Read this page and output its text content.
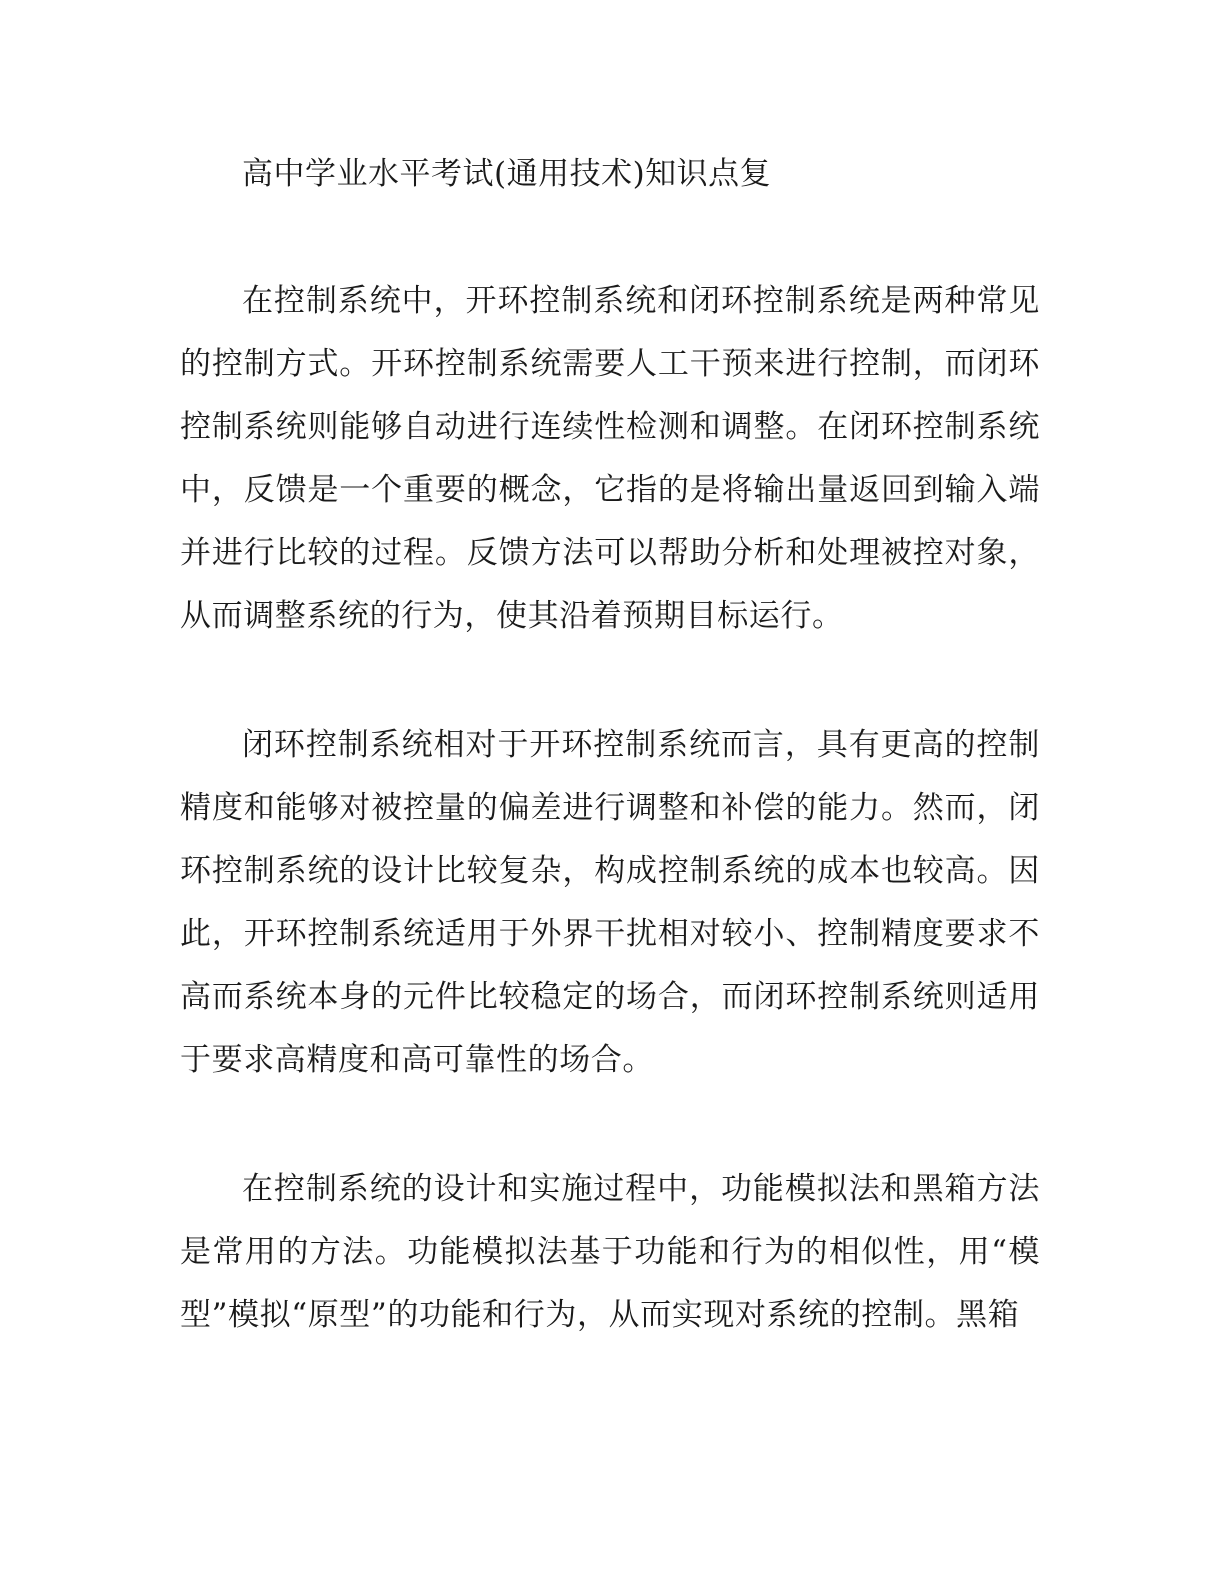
高中学业水平考试(通用技术)知识点复

在控制系统中，开环控制系统和闭环控制系统是两种常见的控制方式。开环控制系统需要人工干预来进行控制，而闭环控制系统则能够自动进行连续性检测和调整。在闭环控制系统中，反馈是一个重要的概念，它指的是将输出量返回到输入端并进行比较的过程。反馈方法可以帮助分析和处理被控对象，从而调整系统的行为，使其沿着预期目标运行。

闭环控制系统相对于开环控制系统而言，具有更高的控制精度和能够对被控量的偏差进行调整和补偿的能力。然而，闭环控制系统的设计比较复杂，构成控制系统的成本也较高。因此，开环控制系统适用于外界干扰相对较小、控制精度要求不高而系统本身的元件比较稳定的场合，而闭环控制系统则适用于要求高精度和高可靠性的场合。

在控制系统的设计和实施过程中，功能模拟法和黑箱方法是常用的方法。功能模拟法基于功能和行为的相似性，用“模型”模拟“原型”的功能和行为，从而实现对系统的控制。黑箱
